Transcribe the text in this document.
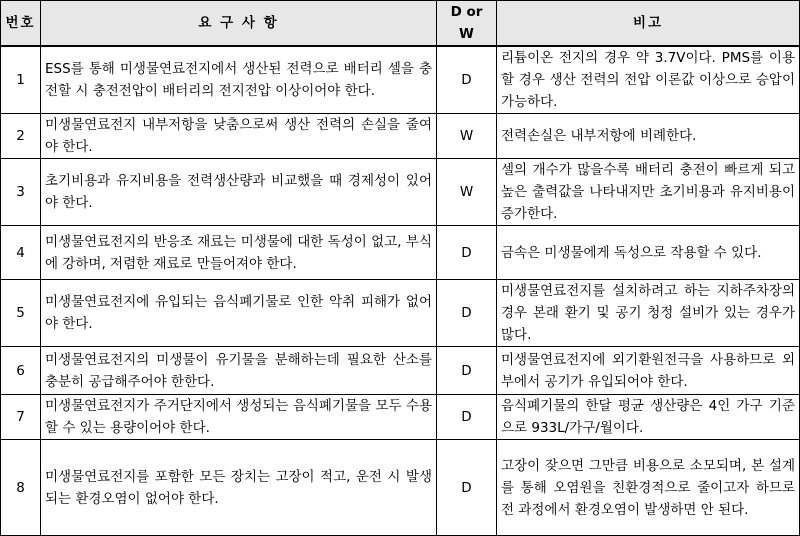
번호	요 구 사 항	D or W	비고
1	ESS를 통해 미생물연료전지에서 생산된 전력으로 배터리 셀을 충전할 시 충전전압이 배터리의 전지전압 이상이어야 한다.	D	리튬이온 전지의 경우 약 3.7V이다. PMS를 이용할 경우 생산 전력의 전압 이론값 이상으로 승압이 가능하다.
2	미생물연료전지 내부저항을 낮춤으로써 생산 전력의 손실을 줄여야 한다.	W	전력손실은 내부저항에 비례한다.
3	초기비용과 유지비용을 전력생산량과 비교했을 때 경제성이 있어야 한다.	W	셀의 개수가 많을수록 배터리 충전이 빠르게 되고 높은 출력값을 나타내지만 초기비용과 유지비용이 증가한다.
4	미생물연료전지의 반응조 재료는 미생물에 대한 독성이 없고, 부식에 강하며, 저렴한 재료로 만들어져야 한다.	D	금속은 미생물에게 독성으로 작용할 수 있다.
5	미생물연료전지에 유입되는 음식폐기물로 인한 악취 피해가 없어야 한다.	D	미생물연료전지를 설치하려고 하는 지하주차장의 경우 본래 환기 및 공기 청정 설비가 있는 경우가 많다.
6	미생물연료전지의 미생물이 유기물을 분해하는데 필요한 산소를 충분히 공급해주어야 한한다.	D	미생물연료전지에 외기환원전극을 사용하므로 외부에서 공기가 유입되어야 한다.
7	미생물연료전지가 주거단지에서 생성되는 음식폐기물을 모두 수용할 수 있는 용량이어야 한다.	D	음식폐기물의 한달 평균 생산량은 4인 가구 기준으로 933L/가구/월이다.
8	미생물연료전지를 포함한 모든 장치는 고장이 적고, 운전 시 발생되는 환경오염이 없어야 한다.	D	고장이 잦으면 그만큼 비용으로 소모되며, 본 설계를 통해 오염원을 친환경적으로 줄이고자 하므로 전 과정에서 환경오염이 발생하면 안 된다.
